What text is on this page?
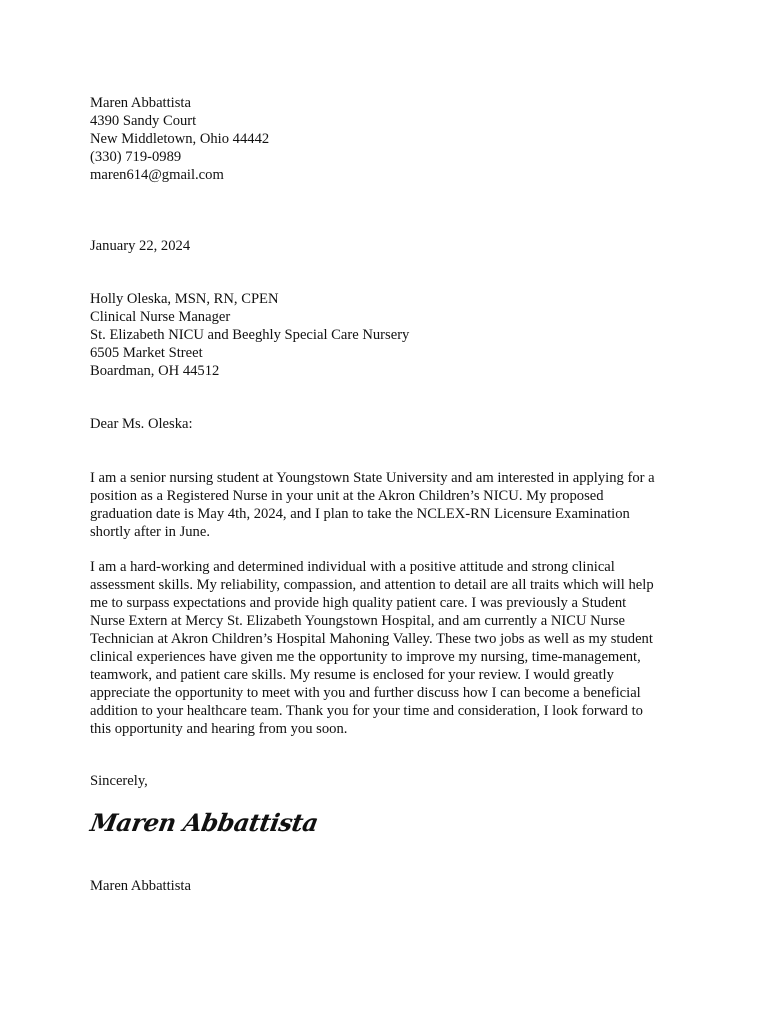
Maren Abbattista
4390 Sandy Court
New Middletown, Ohio 44442
(330) 719-0989
maren614@gmail.com
January 22, 2024
Holly Oleska, MSN, RN, CPEN
Clinical Nurse Manager
St. Elizabeth NICU and Beeghly Special Care Nursery
6505 Market Street
Boardman, OH 44512
Dear Ms. Oleska:
I am a senior nursing student at Youngstown State University and am interested in applying for a
position as a Registered Nurse in your unit at the Akron Children’s NICU. My proposed
graduation date is May 4th, 2024, and I plan to take the NCLEX-RN Licensure Examination
shortly after in June.
I am a hard-working and determined individual with a positive attitude and strong clinical
assessment skills. My reliability, compassion, and attention to detail are all traits which will help
me to surpass expectations and provide high quality patient care. I was previously a Student
Nurse Extern at Mercy St. Elizabeth Youngstown Hospital, and am currently a NICU Nurse
Technician at Akron Children’s Hospital Mahoning Valley. These two jobs as well as my student
clinical experiences have given me the opportunity to improve my nursing, time-management,
teamwork, and patient care skills. My resume is enclosed for your review. I would greatly
appreciate the opportunity to meet with you and further discuss how I can become a beneficial
addition to your healthcare team. Thank you for your time and consideration, I look forward to
this opportunity and hearing from you soon.
Sincerely,
Maren Abbattista
Maren Abbattista
